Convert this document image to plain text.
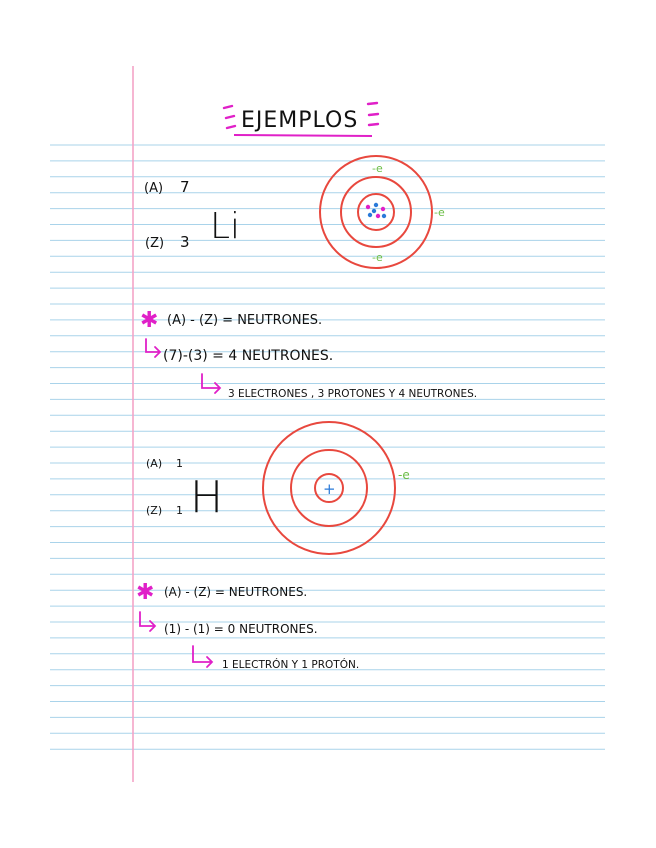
EJEMPLOS
(A) 7
(Z) 3 Li
-e
-e
-e
✱ (A) - (Z) = NEUTRONES.
(7)-(3) = 4 NEUTRONES.
3 ELECTRONES , 3 PROTONES Y 4 NEUTRONES.
(A) 1
(Z) 1 H	+
-e
✱ (A) - (Z) = NEUTRONES.
(1) - (1) = 0 NEUTRONES.
1 ELECTRÓN Y 1 PROTÓN.
